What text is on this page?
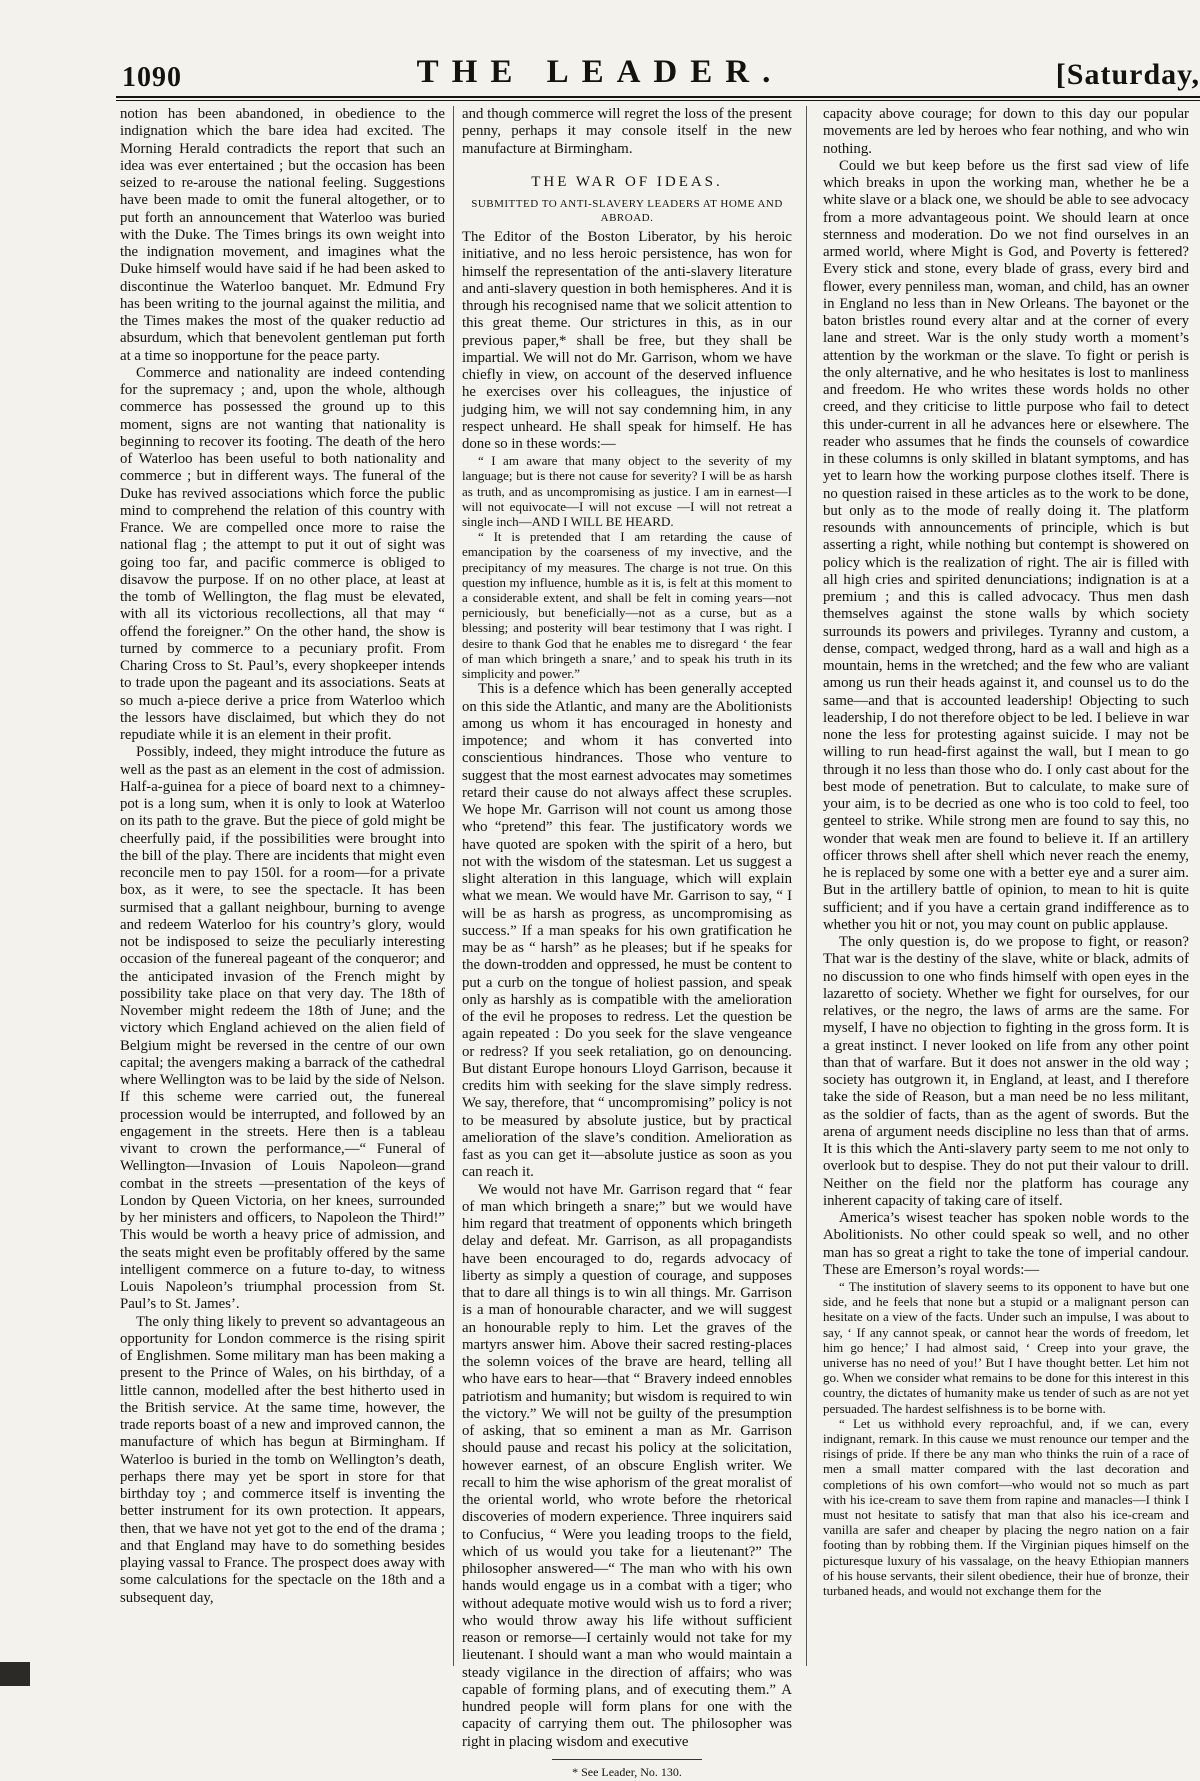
1090	THE LEADER.	[Saturday,

notion has been abandoned, in obedience to the indignation which the bare idea had excited. The Morning Herald contradicts the report that such an idea was ever entertained ; but the occasion has been seized to re-arouse the national feeling. Suggestions have been made to omit the funeral altogether, or to put forth an announcement that Waterloo was buried with the Duke. The Times brings its own weight into the indignation movement, and imagines what the Duke himself would have said if he had been asked to discontinue the Waterloo banquet. Mr. Edmund Fry has been writing to the journal against the militia, and the Times makes the most of the quaker reductio ad absurdum, which that benevolent gentleman put forth at a time so inopportune for the peace party.

Commerce and nationality are indeed contending for the supremacy ; and, upon the whole, although commerce has possessed the ground up to this moment, signs are not wanting that nationality is beginning to recover its footing. The death of the hero of Waterloo has been useful to both nationality and commerce ; but in different ways. The funeral of the Duke has revived associations which force the public mind to comprehend the relation of this country with France. We are compelled once more to raise the national flag ; the attempt to put it out of sight was going too far, and pacific commerce is obliged to disavow the purpose. If on no other place, at least at the tomb of Wellington, the flag must be elevated, with all its victorious recollections, all that may “ offend the foreigner.” On the other hand, the show is turned by commerce to a pecuniary profit. From Charing Cross to St. Paul’s, every shopkeeper intends to trade upon the pageant and its associations. Seats at so much a-piece derive a price from Waterloo which the lessors have disclaimed, but which they do not repudiate while it is an element in their profit.

Possibly, indeed, they might introduce the future as well as the past as an element in the cost of admission. Half-a-guinea for a piece of board next to a chimney-pot is a long sum, when it is only to look at Waterloo on its path to the grave. But the piece of gold might be cheerfully paid, if the possibilities were brought into the bill of the play. There are incidents that might even reconcile men to pay 150l. for a room—for a private box, as it were, to see the spectacle. It has been surmised that a gallant neighbour, burning to avenge and redeem Waterloo for his country’s glory, would not be indisposed to seize the peculiarly interesting occasion of the funereal pageant of the conqueror; and the anticipated invasion of the French might by possibility take place on that very day. The 18th of November might redeem the 18th of June; and the victory which England achieved on the alien field of Belgium might be reversed in the centre of our own capital; the avengers making a barrack of the cathedral where Wellington was to be laid by the side of Nelson. If this scheme were carried out, the funereal procession would be interrupted, and followed by an engagement in the streets. Here then is a tableau vivant to crown the performance,—“ Funeral of Wellington—Invasion of Louis Napoleon—grand combat in the streets —presentation of the keys of London by Queen Victoria, on her knees, surrounded by her ministers and officers, to Napoleon the Third!” This would be worth a heavy price of admission, and the seats might even be profitably offered by the same intelligent commerce on a future to-day, to witness Louis Napoleon’s triumphal procession from St. Paul’s to St. James’.

The only thing likely to prevent so advantageous an opportunity for London commerce is the rising spirit of Englishmen. Some military man has been making a present to the Prince of Wales, on his birthday, of a little cannon, modelled after the best hitherto used in the British service. At the same time, however, the trade reports boast of a new and improved cannon, the manufacture of which has begun at Birmingham. If Waterloo is buried in the tomb on Wellington’s death, perhaps there may yet be sport in store for that birthday toy ; and commerce itself is inventing the better instrument for its own protection. It appears, then, that we have not yet got to the end of the drama ; and that England may have to do something besides playing vassal to France. The prospect does away with some calculations for the spectacle on the 18th and a subsequent day,

and though commerce will regret the loss of the present penny, perhaps it may console itself in the new manufacture at Birmingham.

THE WAR OF IDEAS.
SUBMITTED TO ANTI-SLAVERY LEADERS AT HOME AND ABROAD.

The Editor of the Boston Liberator, by his heroic initiative, and no less heroic persistence, has won for himself the representation of the anti-slavery literature and anti-slavery question in both hemispheres. And it is through his recognised name that we solicit attention to this great theme. Our strictures in this, as in our previous paper,* shall be free, but they shall be impartial. We will not do Mr. Garrison, whom we have chiefly in view, on account of the deserved influence he exercises over his colleagues, the injustice of judging him, we will not say condemning him, in any respect unheard. He shall speak for himself. He has done so in these words:—

“ I am aware that many object to the severity of my language; but is there not cause for severity? I will be as harsh as truth, and as uncompromising as justice. I am in earnest—I will not equivocate—I will not excuse —I will not retreat a single inch—AND I WILL BE HEARD.

“ It is pretended that I am retarding the cause of emancipation by the coarseness of my invective, and the precipitancy of my measures. The charge is not true. On this question my influence, humble as it is, is felt at this moment to a considerable extent, and shall be felt in coming years—not perniciously, but beneficially—not as a curse, but as a blessing; and posterity will bear testimony that I was right. I desire to thank God that he enables me to disregard ‘ the fear of man which bringeth a snare,’ and to speak his truth in its simplicity and power.”

This is a defence which has been generally accepted on this side the Atlantic, and many are the Abolitionists among us whom it has encouraged in honesty and impotence; and whom it has converted into conscientious hindrances. Those who venture to suggest that the most earnest advocates may sometimes retard their cause do not always affect these scruples. We hope Mr. Garrison will not count us among those who “pretend” this fear. The justificatory words we have quoted are spoken with the spirit of a hero, but not with the wisdom of the statesman. Let us suggest a slight alteration in this language, which will explain what we mean. We would have Mr. Garrison to say, “ I will be as harsh as progress, as uncompromising as success.” If a man speaks for his own gratification he may be as “ harsh” as he pleases; but if he speaks for the down-trodden and oppressed, he must be content to put a curb on the tongue of holiest passion, and speak only as harshly as is compatible with the amelioration of the evil he proposes to redress. Let the question be again repeated : Do you seek for the slave vengeance or redress? If you seek retaliation, go on denouncing. But distant Europe honours Lloyd Garrison, because it credits him with seeking for the slave simply redress. We say, therefore, that “ uncompromising” policy is not to be measured by absolute justice, but by practical amelioration of the slave’s condition. Amelioration as fast as you can get it—absolute justice as soon as you can reach it.

We would not have Mr. Garrison regard that “ fear of man which bringeth a snare;” but we would have him regard that treatment of opponents which bringeth delay and defeat. Mr. Garrison, as all propagandists have been encouraged to do, regards advocacy of liberty as simply a question of courage, and supposes that to dare all things is to win all things. Mr. Garrison is a man of honourable character, and we will suggest an honourable reply to him. Let the graves of the martyrs answer him. Above their sacred resting-places the solemn voices of the brave are heard, telling all who have ears to hear—that “ Bravery indeed ennobles patriotism and humanity; but wisdom is required to win the victory.” We will not be guilty of the presumption of asking, that so eminent a man as Mr. Garrison should pause and recast his policy at the solicitation, however earnest, of an obscure English writer. We recall to him the wise aphorism of the great moralist of the oriental world, who wrote before the rhetorical discoveries of modern experience. Three inquirers said to Confucius, “ Were you leading troops to the field, which of us would you take for a lieutenant?” The philosopher answered—“ The man who with his own hands would engage us in a combat with a tiger; who without adequate motive would wish us to ford a river; who would throw away his life without sufficient reason or remorse—I certainly would not take for my lieutenant. I should want a man who would maintain a steady vigilance in the direction of affairs; who was capable of forming plans, and of executing them.” A hundred people will form plans for one with the capacity of carrying them out. The philosopher was right in placing wisdom and executive

* See Leader, No. 130.

capacity above courage; for down to this day our popular movements are led by heroes who fear nothing, and who win nothing.

Could we but keep before us the first sad view of life which breaks in upon the working man, whether he be a white slave or a black one, we should be able to see advocacy from a more advantageous point. We should learn at once sternness and moderation. Do we not find ourselves in an armed world, where Might is God, and Poverty is fettered? Every stick and stone, every blade of grass, every bird and flower, every penniless man, woman, and child, has an owner in England no less than in New Orleans. The bayonet or the baton bristles round every altar and at the corner of every lane and street. War is the only study worth a moment’s attention by the workman or the slave. To fight or perish is the only alternative, and he who hesitates is lost to manliness and freedom. He who writes these words holds no other creed, and they criticise to little purpose who fail to detect this under-current in all he advances here or elsewhere. The reader who assumes that he finds the counsels of cowardice in these columns is only skilled in blatant symptoms, and has yet to learn how the working purpose clothes itself. There is no question raised in these articles as to the work to be done, but only as to the mode of really doing it. The platform resounds with announcements of principle, which is but asserting a right, while nothing but contempt is showered on policy which is the realization of right. The air is filled with all high cries and spirited denunciations; indignation is at a premium ; and this is called advocacy. Thus men dash themselves against the stone walls by which society surrounds its powers and privileges. Tyranny and custom, a dense, compact, wedged throng, hard as a wall and high as a mountain, hems in the wretched; and the few who are valiant among us run their heads against it, and counsel us to do the same—and that is accounted leadership! Objecting to such leadership, I do not therefore object to be led. I believe in war none the less for protesting against suicide. I may not be willing to run head-first against the wall, but I mean to go through it no less than those who do. I only cast about for the best mode of penetration. But to calculate, to make sure of your aim, is to be decried as one who is too cold to feel, too genteel to strike. While strong men are found to say this, no wonder that weak men are found to believe it. If an artillery officer throws shell after shell which never reach the enemy, he is replaced by some one with a better eye and a surer aim. But in the artillery battle of opinion, to mean to hit is quite sufficient; and if you have a certain grand indifference as to whether you hit or not, you may count on public applause.

The only question is, do we propose to fight, or reason? That war is the destiny of the slave, white or black, admits of no discussion to one who finds himself with open eyes in the lazaretto of society. Whether we fight for ourselves, for our relatives, or the negro, the laws of arms are the same. For myself, I have no objection to fighting in the gross form. It is a great instinct. I never looked on life from any other point than that of warfare. But it does not answer in the old way ; society has outgrown it, in England, at least, and I therefore take the side of Reason, but a man need be no less militant, as the soldier of facts, than as the agent of swords. But the arena of argument needs discipline no less than that of arms. It is this which the Anti-slavery party seem to me not only to overlook but to despise. They do not put their valour to drill. Neither on the field nor the platform has courage any inherent capacity of taking care of itself.

America’s wisest teacher has spoken noble words to the Abolitionists. No other could speak so well, and no other man has so great a right to take the tone of imperial candour. These are Emerson’s royal words:—

“ The institution of slavery seems to its opponent to have but one side, and he feels that none but a stupid or a malignant person can hesitate on a view of the facts. Under such an impulse, I was about to say, ‘ If any cannot speak, or cannot hear the words of freedom, let him go hence;’ I had almost said, ‘ Creep into your grave, the universe has no need of you!’ But I have thought better. Let him not go. When we consider what remains to be done for this interest in this country, the dictates of humanity make us tender of such as are not yet persuaded. The hardest selfishness is to be borne with.

“ Let us withhold every reproachful, and, if we can, every indignant, remark. In this cause we must renounce our temper and the risings of pride. If there be any man who thinks the ruin of a race of men a small matter compared with the last decoration and completions of his own comfort—who would not so much as part with his ice-cream to save them from rapine and manacles—I think I must not hesitate to satisfy that man that also his ice-cream and vanilla are safer and cheaper by placing the negro nation on a fair footing than by robbing them. If the Virginian piques himself on the picturesque luxury of his vassalage, on the heavy Ethiopian manners of his house servants, their silent obedience, their hue of bronze, their turbaned heads, and would not exchange them for the
